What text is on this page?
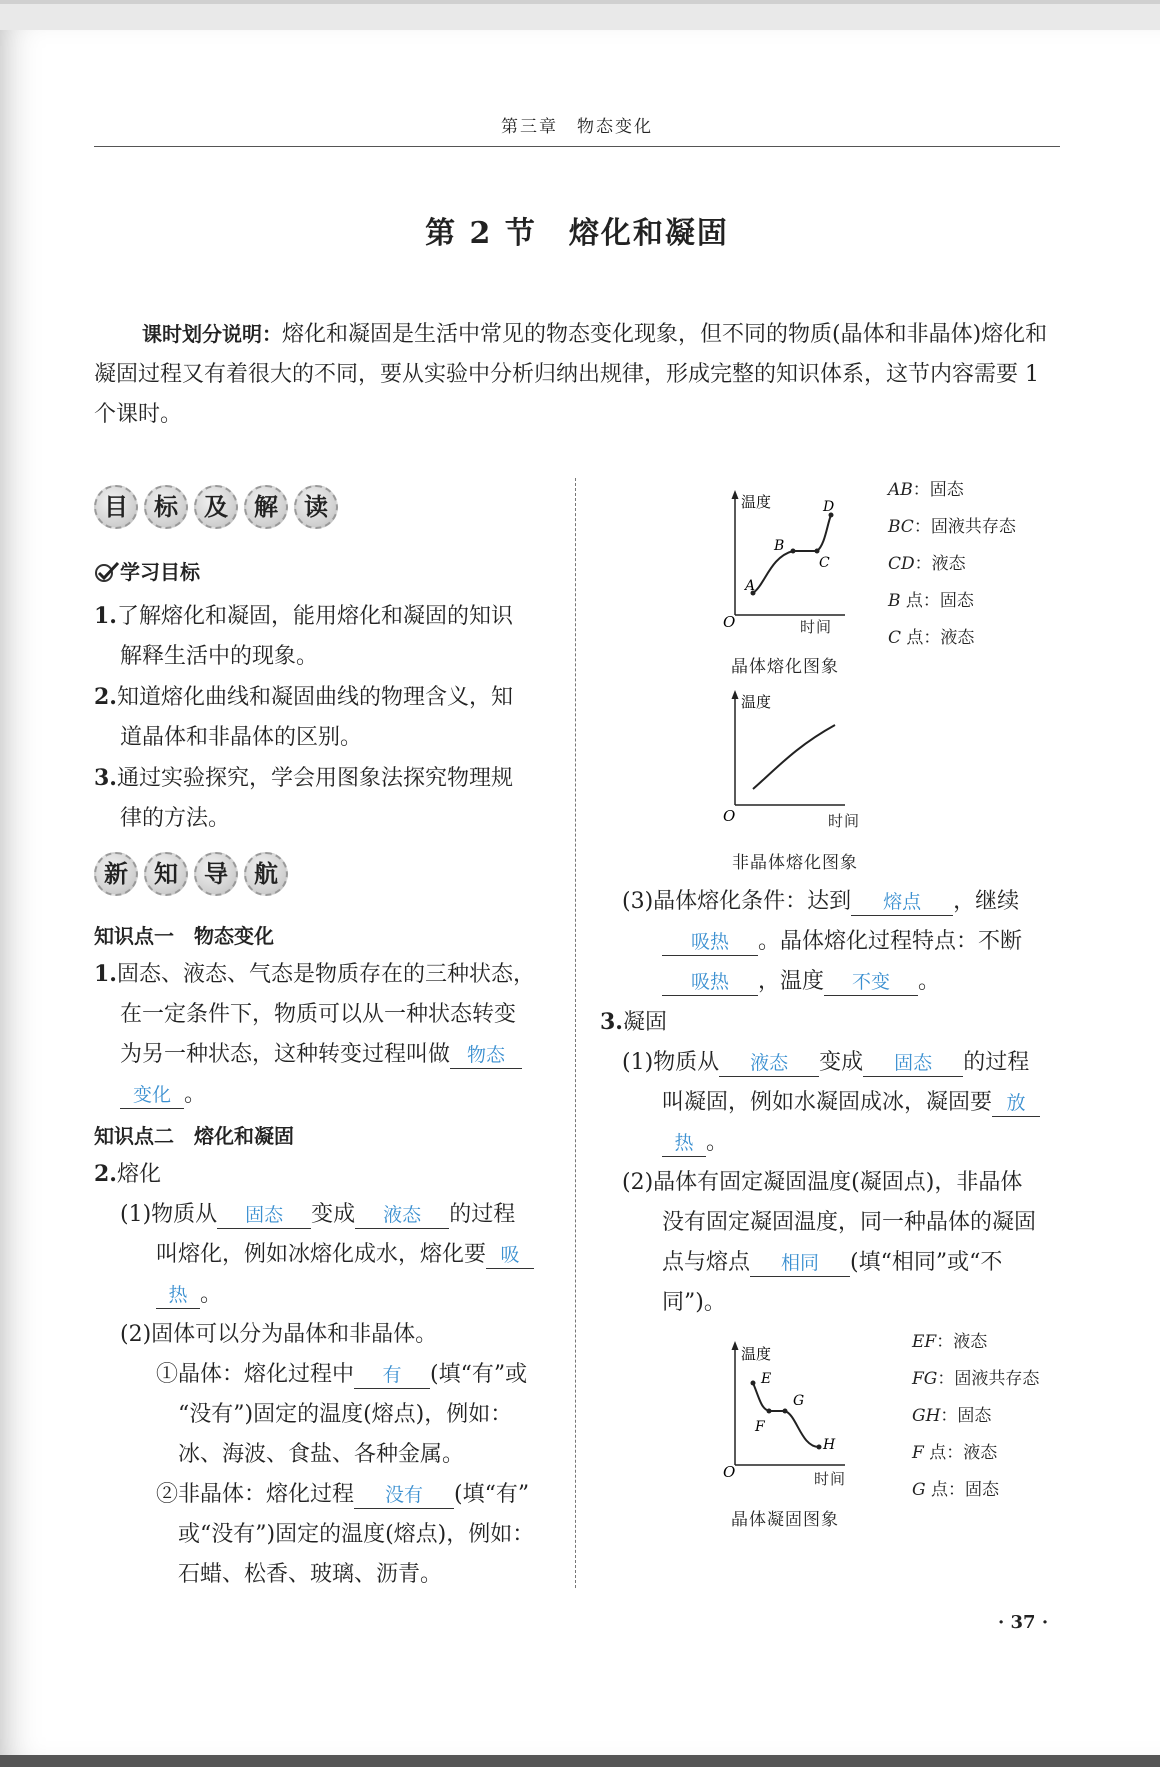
第三章　物态变化
第 2 节　熔化和凝固
课时划分说明：熔化和凝固是生活中常见的物态变化现象，但不同的物质(晶体和非晶体)熔化和凝固过程又有着很大的不同，要从实验中分析归纳出规律，形成完整的知识体系，这节内容需要 1 个课时。
目	标	及	解	读
学习目标
1.了解熔化和凝固，能用熔化和凝固的知识
解释生活中的现象。
2.知道熔化曲线和凝固曲线的物理含义，知
道晶体和非晶体的区别。
3.通过实验探究，学会用图象法探究物理规
律的方法。
新	知	导	航
知识点一　物态变化
1.固态、液态、气态是物质存在的三种状态，
在一定条件下，物质可以从一种状态转变
为另一种状态，这种转变过程叫做 物态
变化 。
知识点二　熔化和凝固
2.熔化
(1)物质从 固态 变成 液态 的过程
叫熔化，例如冰熔化成水，熔化要 吸
热 。
(2)固体可以分为晶体和非晶体。
①晶体：熔化过程中 有 (填“有”或
“没有”)固定的温度(熔点)，例如：
冰、海波、食盐、各种金属。
②非晶体：熔化过程 没有 (填“有”
或“没有”)固定的温度(熔点)，例如：
石蜡、松香、玻璃、沥青。
温度
O
A
B
C
D
时间
晶体熔化图象
AB：固态
BC：固液共存态
CD：液态
B 点：固态
C 点：液态
温度
O	时间
非晶体熔化图象
(3)晶体熔化条件：达到 熔点 ，继续
吸热 。晶体熔化过程特点：不断
吸热 ，温度 不变 。
3.凝固
(1)物质从 液态 变成 固态 的过程
叫凝固，例如水凝固成冰，凝固要 放
热 。
(2)晶体有固定凝固温度(凝固点)，非晶体
没有固定凝固温度，同一种晶体的凝固
点与熔点 相同 (填“相同”或“不
同”)。
温度
O
E
F
G
H
时间
晶体凝固图象
EF：液态
FG：固液共存态
GH：固态
F 点：液态
G 点：固态
· 37 ·
